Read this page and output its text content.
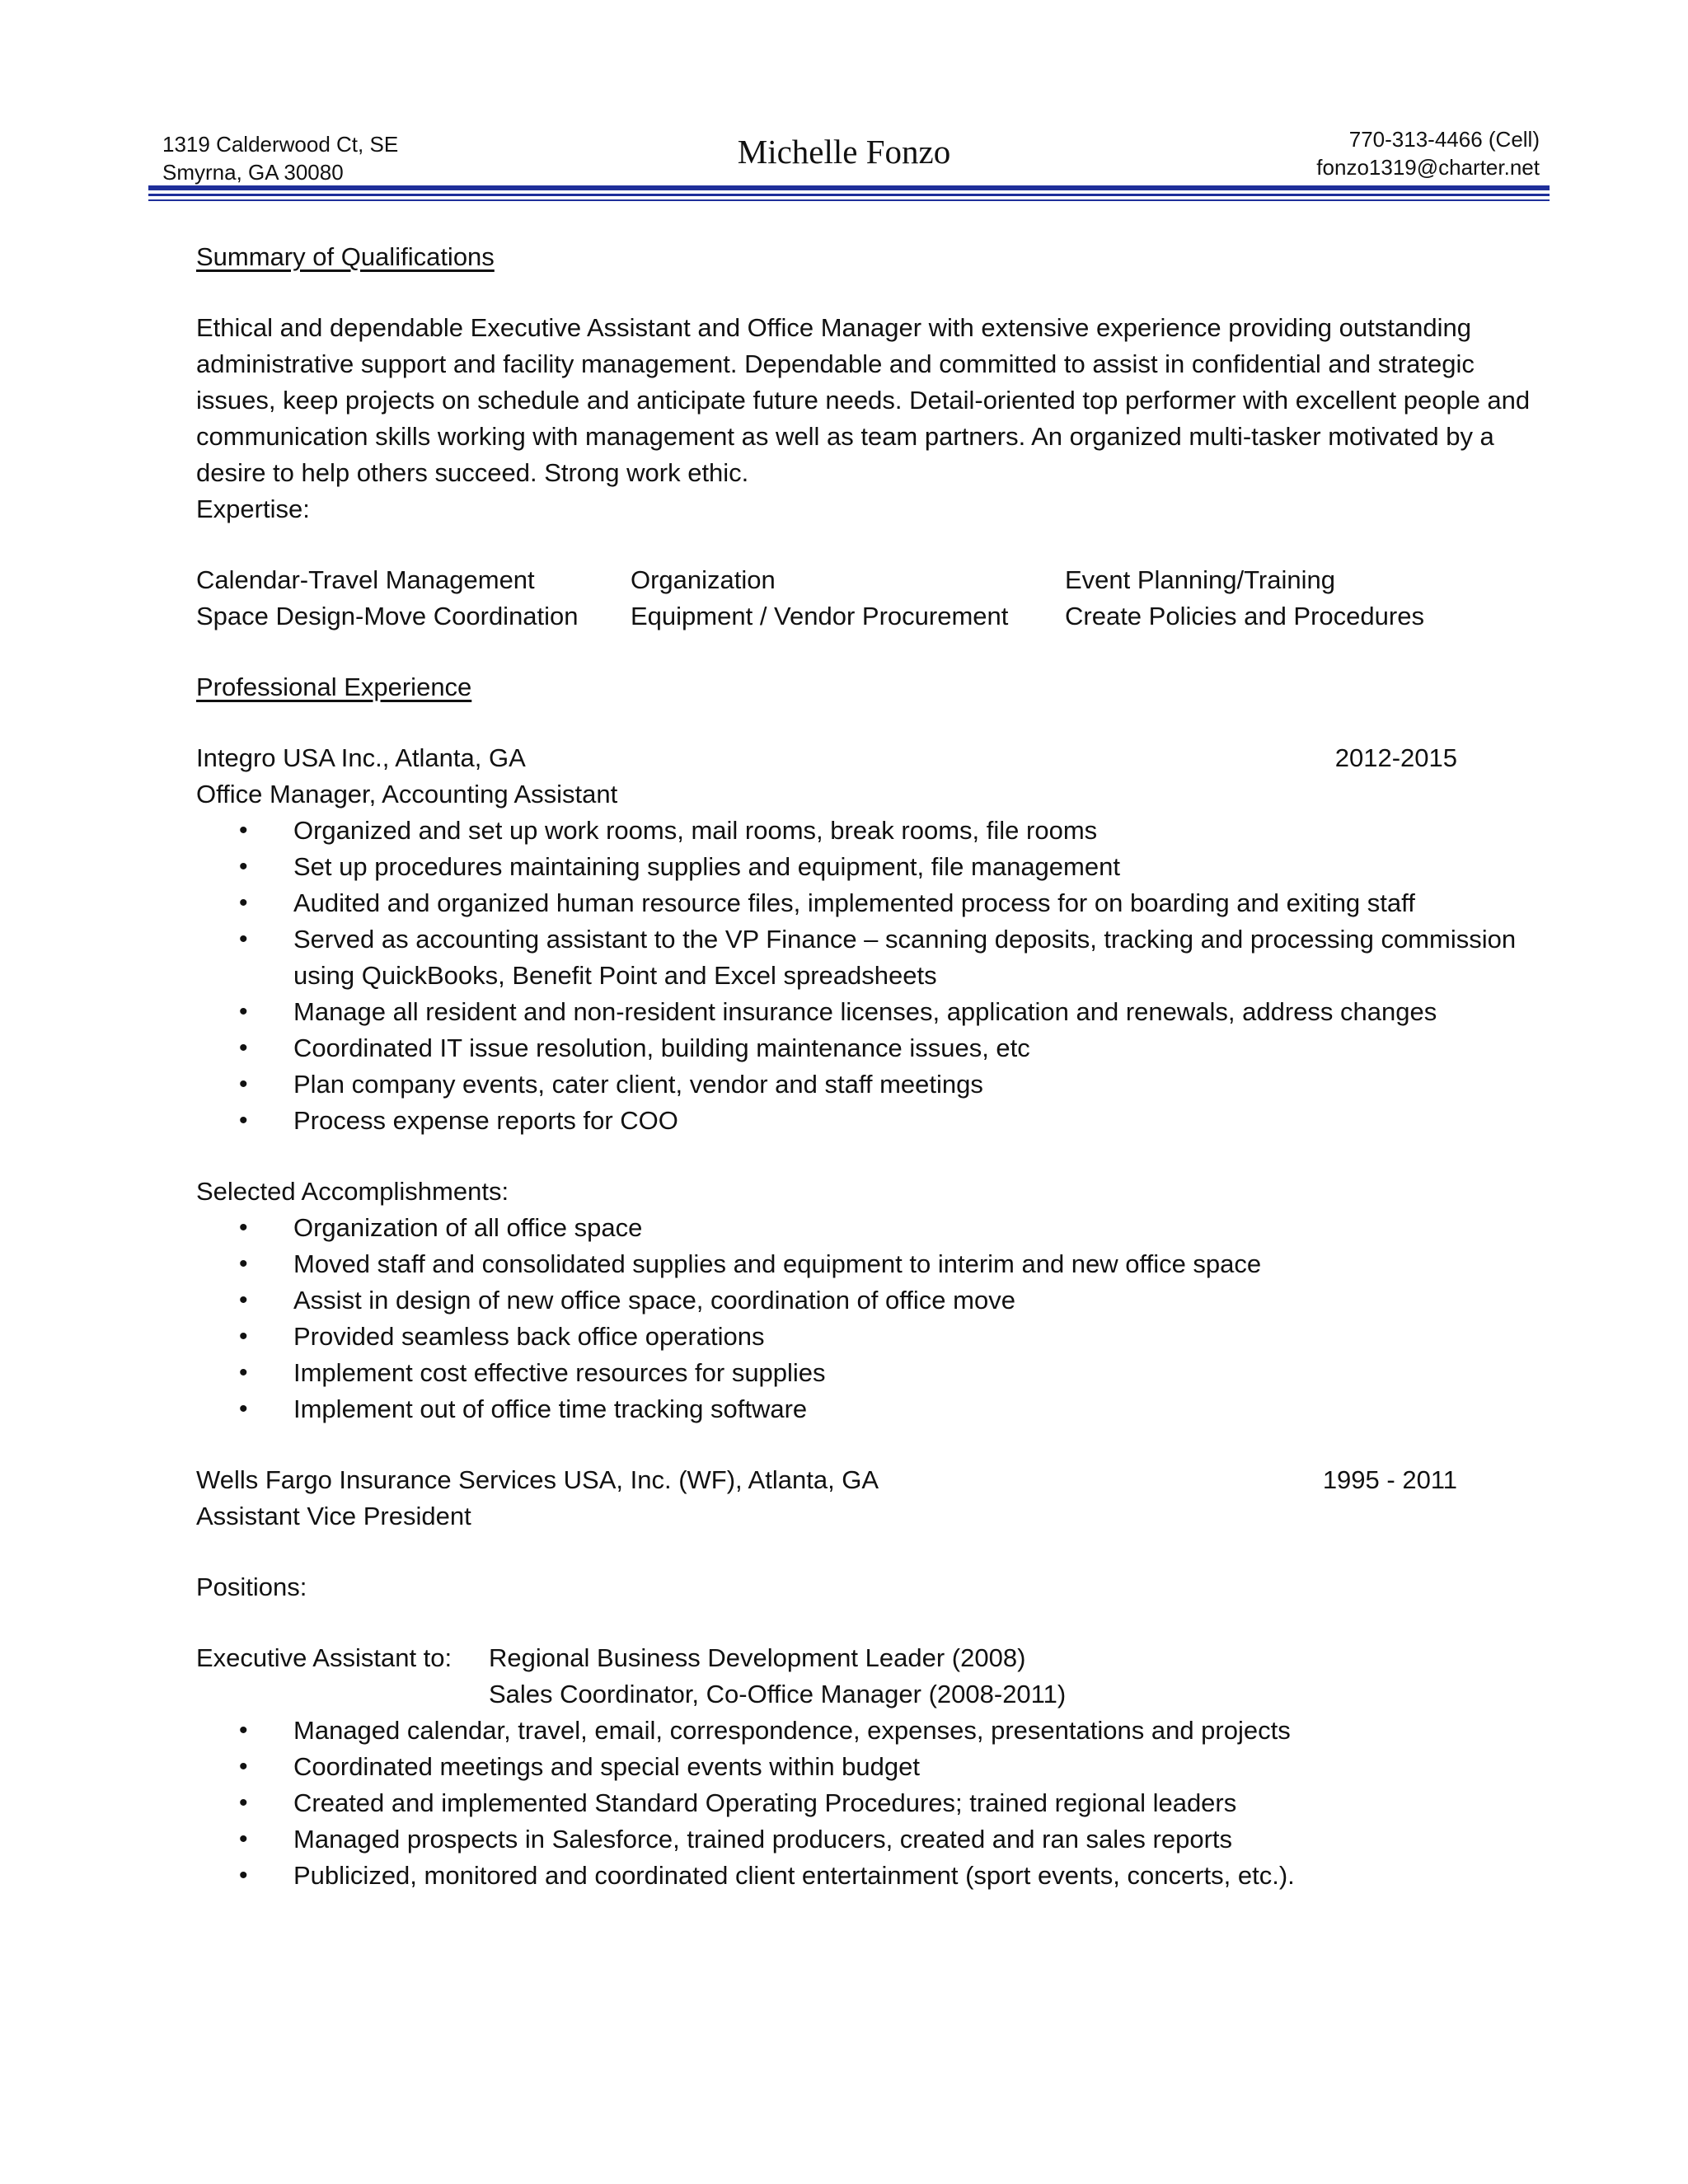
1319 Calderwood Ct, SE
Smyrna, GA 30080
Michelle Fonzo	770-313-4466 (Cell)
fonzo1319@charter.net
Summary of Qualifications

Ethical and dependable Executive Assistant and Office Manager with extensive experience providing outstanding administrative support and facility management. Dependable and committed to assist in confidential and strategic issues, keep projects on schedule and anticipate future needs. Detail-oriented top performer with excellent people and communication skills working with management as well as team partners. An organized multi-tasker motivated by a desire to help others succeed. Strong work ethic.

Expertise:
Calendar-Travel Management	Organization	Event Planning/Training
Space Design-Move Coordination	Equipment / Vendor Procurement	Create Policies and Procedures
Professional Experience
Integro USA Inc., Atlanta, GA	2012-2015
Office Manager, Accounting Assistant
• Organized and set up work rooms, mail rooms, break rooms, file rooms
• Set up procedures maintaining supplies and equipment, file management
• Audited and organized human resource files, implemented process for on boarding and exiting staff
• Served as accounting assistant to the VP Finance – scanning deposits, tracking and processing commission using QuickBooks, Benefit Point and Excel spreadsheets
• Manage all resident and non-resident insurance licenses, application and renewals, address changes
• Coordinated IT issue resolution, building maintenance issues, etc
• Plan company events, cater client, vendor and staff meetings
• Process expense reports for COO
Selected Accomplishments:
• Organization of all office space
• Moved staff and consolidated supplies and equipment to interim and new office space
• Assist in design of new office space, coordination of office move
• Provided seamless back office operations
• Implement cost effective resources for supplies
• Implement out of office time tracking software
Wells Fargo Insurance Services USA, Inc. (WF), Atlanta, GA	1995 - 2011
Assistant Vice President
Positions:
Executive Assistant to:	Regional Business Development Leader (2008)
Sales Coordinator, Co-Office Manager (2008-2011)
• Managed calendar, travel, email, correspondence, expenses, presentations and projects
• Coordinated meetings and special events within budget
• Created and implemented Standard Operating Procedures; trained regional leaders
• Managed prospects in Salesforce, trained producers, created and ran sales reports
• Publicized, monitored and coordinated client entertainment (sport events, concerts, etc.).
